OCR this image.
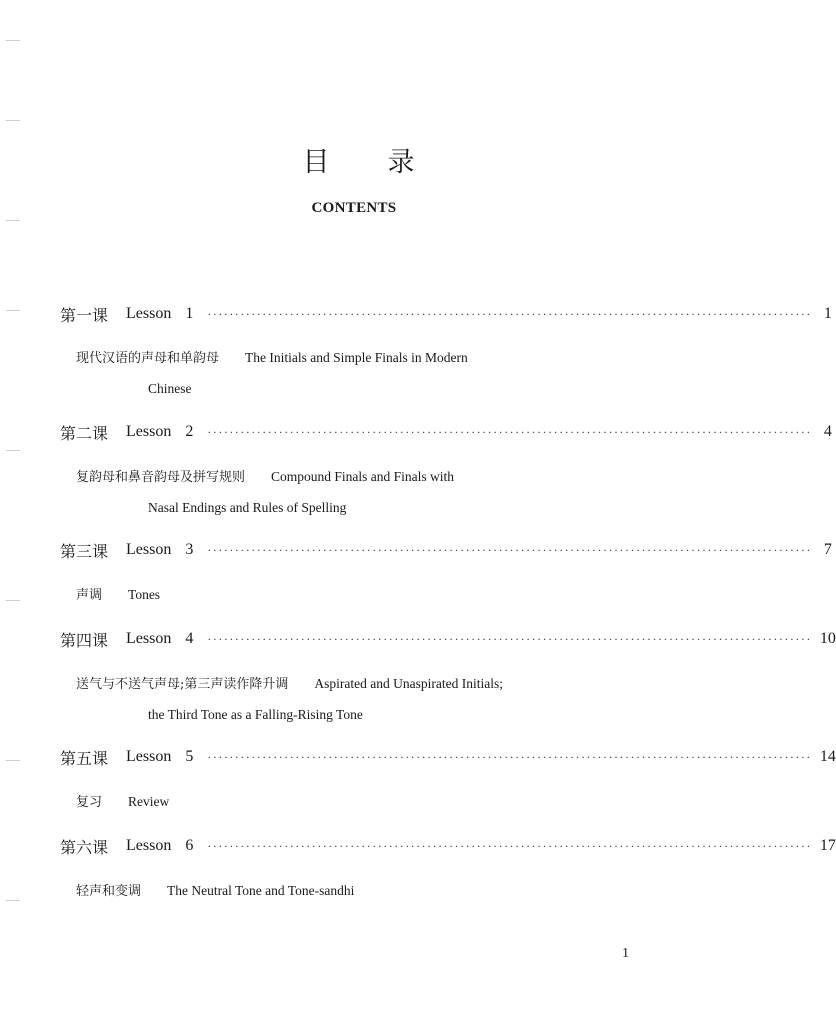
目录
CONTENTS
第一课	Lesson 1 ·············································································································· 1
现代汉语的声母和单韵母 The Initials and Simple Finals in Modern
Chinese
第二课	Lesson 2 ·············································································································· 4
复韵母和鼻音韵母及拼写规则 Compound Finals and Finals with
Nasal Endings and Rules of Spelling
第三课	Lesson 3 ·············································································································· 7
声调 Tones
第四课	Lesson 4 ·············································································································· 10
送气与不送气声母;第三声读作降升调 Aspirated and Unaspirated Initials;
the Third Tone as a Falling-Rising Tone
第五课	Lesson 5 ·············································································································· 14
复习 Review
第六课	Lesson 6 ·············································································································· 17
轻声和变调 The Neutral Tone and Tone-sandhi
1
